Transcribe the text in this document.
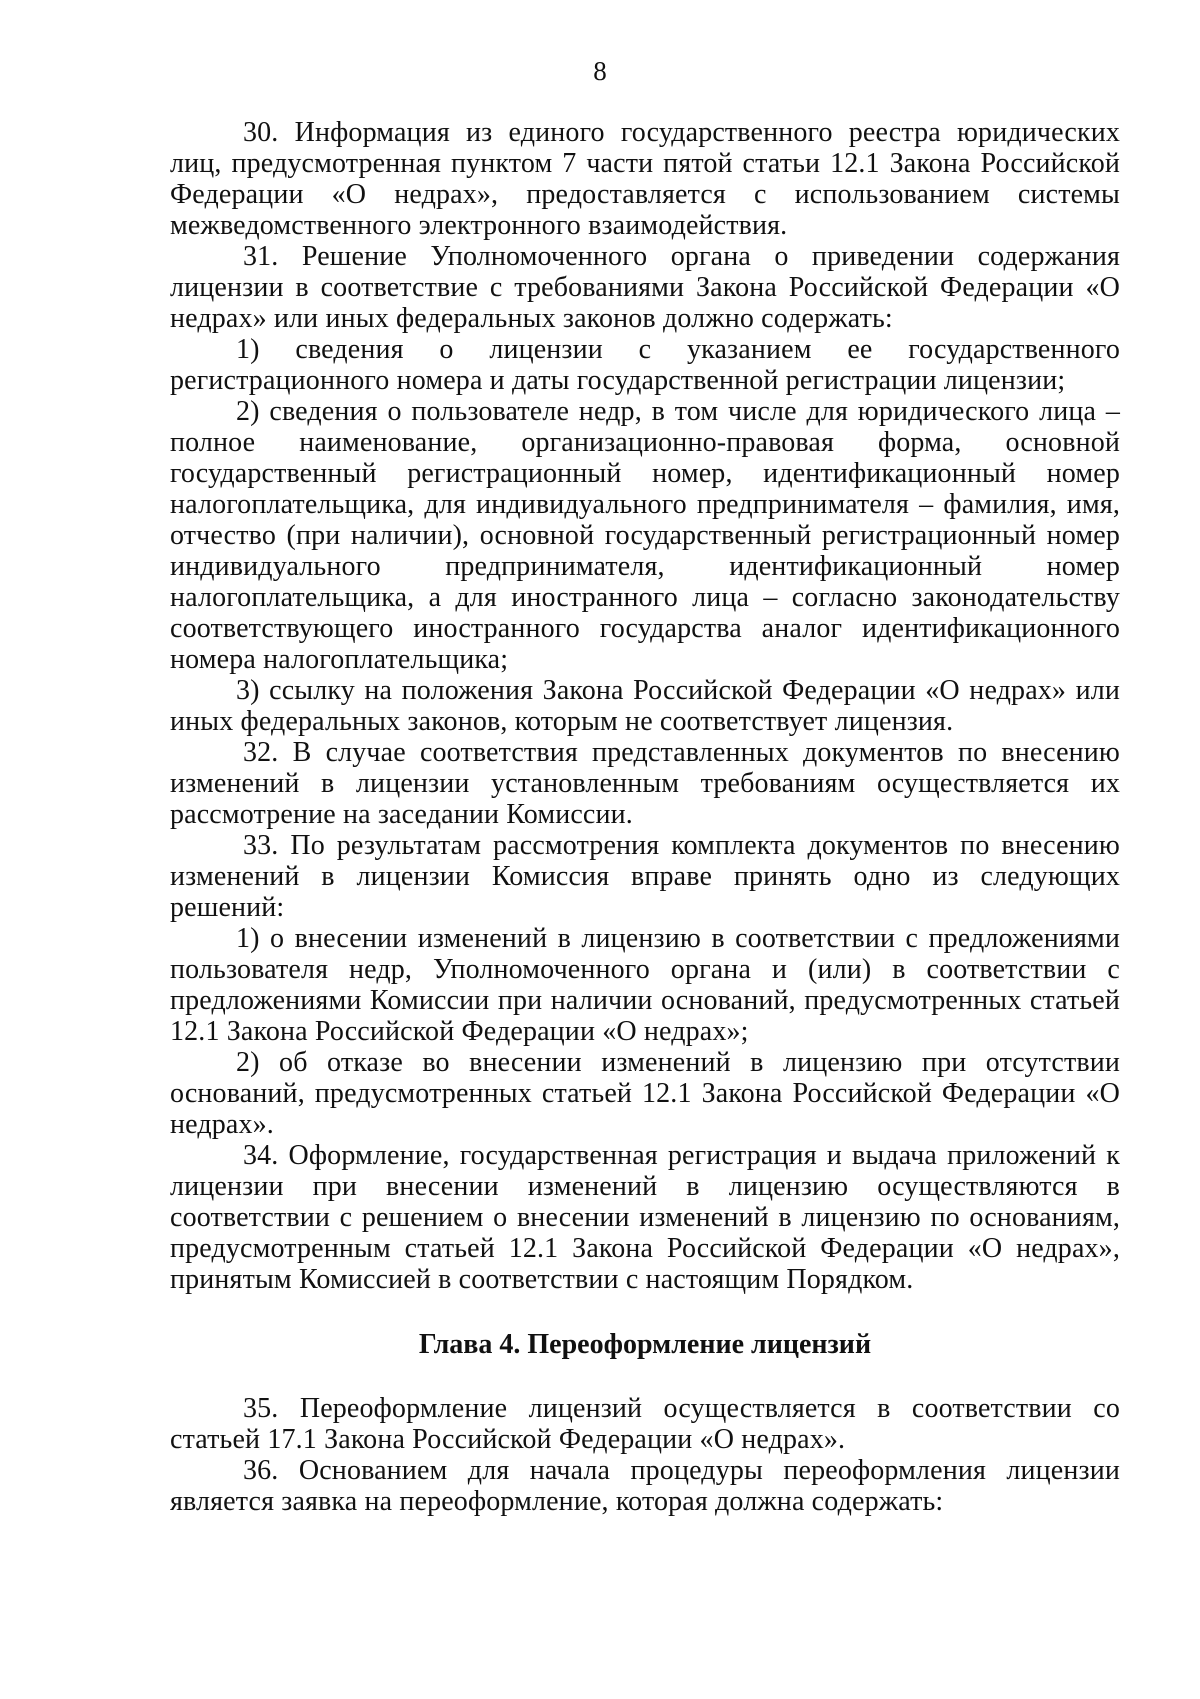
8

30. Информация из единого государственного реестра юридических лиц, предусмотренная пунктом 7 части пятой статьи 12.1 Закона Российской Федерации «О недрах», предоставляется с использованием системы межведомственного электронного взаимодействия.

31. Решение Уполномоченного органа о приведении содержания лицензии в соответствие с требованиями Закона Российской Федерации «О недрах» или иных федеральных законов должно содержать:

1) сведения о лицензии с указанием ее государственного регистрационного номера и даты государственной регистрации лицензии;

2) сведения о пользователе недр, в том числе для юридического лица – полное наименование, организационно-правовая форма, основной государственный регистрационный номер, идентификационный номер налогоплательщика, для индивидуального предпринимателя – фамилия, имя, отчество (при наличии), основной государственный регистрационный номер индивидуального предпринимателя, идентификационный номер налогоплательщика, а для иностранного лица – согласно законодательству соответствующего иностранного государства аналог идентификационного номера налогоплательщика;

3) ссылку на положения Закона Российской Федерации «О недрах» или иных федеральных законов, которым не соответствует лицензия.

32. В случае соответствия представленных документов по внесению изменений в лицензии установленным требованиям осуществляется их рассмотрение на заседании Комиссии.

33. По результатам рассмотрения комплекта документов по внесению изменений в лицензии Комиссия вправе принять одно из следующих решений:

1) о внесении изменений в лицензию в соответствии с предложениями пользователя недр, Уполномоченного органа и (или) в соответствии с предложениями Комиссии при наличии оснований, предусмотренных статьей 12.1 Закона Российской Федерации «О недрах»;

2) об отказе во внесении изменений в лицензию при отсутствии оснований, предусмотренных статьей 12.1 Закона Российской Федерации «О недрах».

34. Оформление, государственная регистрация и выдача приложений к лицензии при внесении изменений в лицензию осуществляются в соответствии с решением о внесении изменений в лицензию по основаниям, предусмотренным статьей 12.1 Закона Российской Федерации «О недрах», принятым Комиссией в соответствии с настоящим Порядком.

Глава 4. Переоформление лицензий

35. Переоформление лицензий осуществляется в соответствии со статьей 17.1 Закона Российской Федерации «О недрах».

36. Основанием для начала процедуры переоформления лицензии является заявка на переоформление, которая должна содержать:
